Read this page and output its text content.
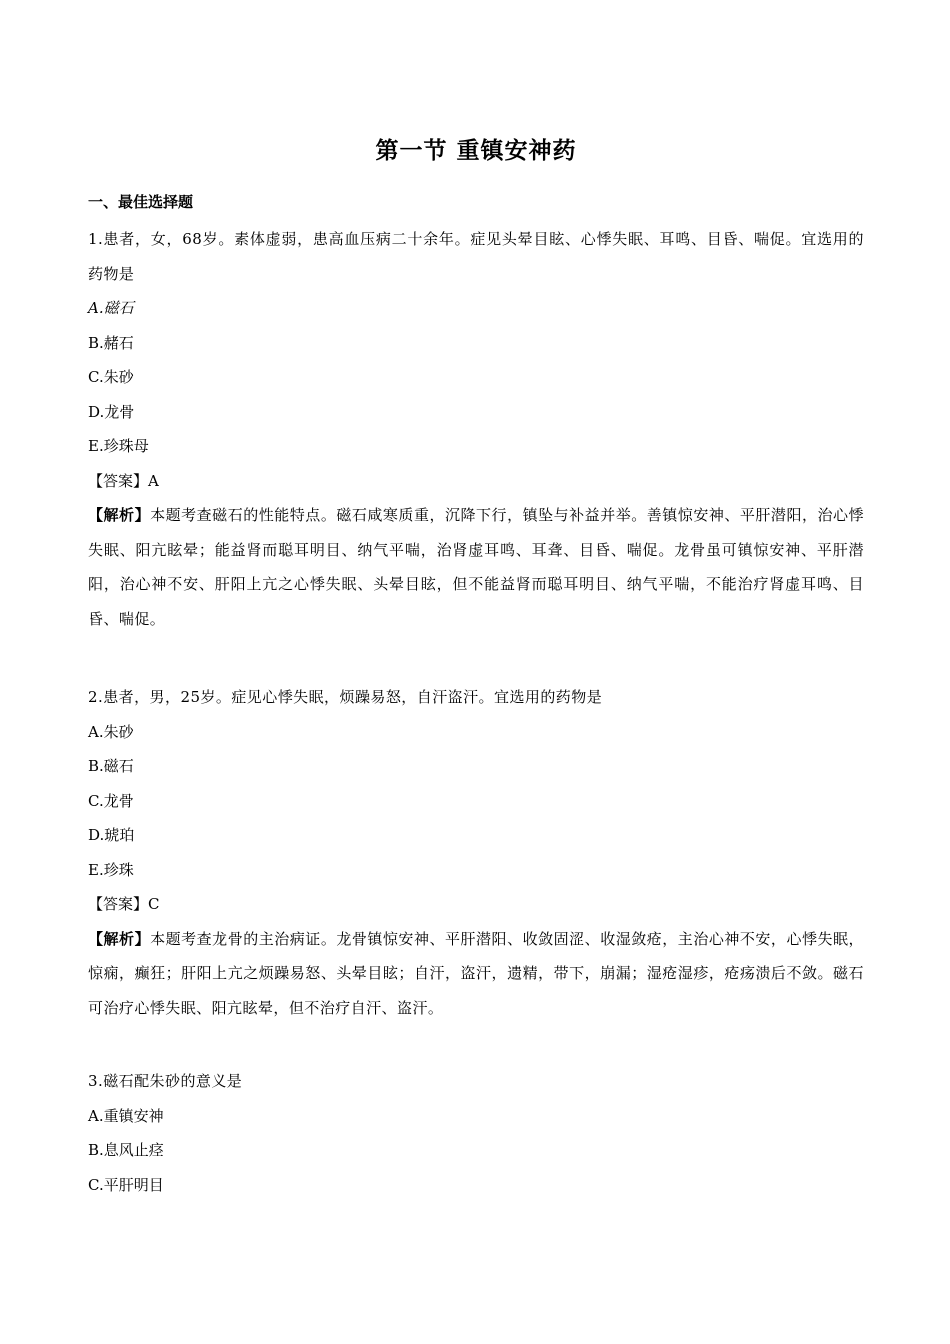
第一节 重镇安神药
一、最佳选择题
1.患者，女，68岁。素体虚弱，患高血压病二十余年。症见头晕目眩、心悸失眠、耳鸣、目昏、喘促。宜选用的药物是
A.磁石
B.赭石
C.朱砂
D.龙骨
E.珍珠母
【答案】A
【解析】本题考查磁石的性能特点。磁石咸寒质重，沉降下行，镇坠与补益并举。善镇惊安神、平肝潜阳，治心悸失眠、阳亢眩晕；能益肾而聪耳明目、纳气平喘，治肾虚耳鸣、耳聋、目昏、喘促。龙骨虽可镇惊安神、平肝潜阳，治心神不安、肝阳上亢之心悸失眠、头晕目眩，但不能益肾而聪耳明目、纳气平喘，不能治疗肾虚耳鸣、目昏、喘促。
2.患者，男，25岁。症见心悸失眠，烦躁易怒，自汗盗汗。宜选用的药物是
A.朱砂
B.磁石
C.龙骨
D.琥珀
E.珍珠
【答案】C
【解析】本题考查龙骨的主治病证。龙骨镇惊安神、平肝潜阳、收敛固涩、收湿敛疮，主治心神不安，心悸失眠，惊痫，癫狂；肝阳上亢之烦躁易怒、头晕目眩；自汗，盗汗，遗精，带下，崩漏；湿疮湿疹，疮疡溃后不敛。磁石可治疗心悸失眠、阳亢眩晕，但不治疗自汗、盗汗。
3.磁石配朱砂的意义是
A.重镇安神
B.息风止痉
C.平肝明目
